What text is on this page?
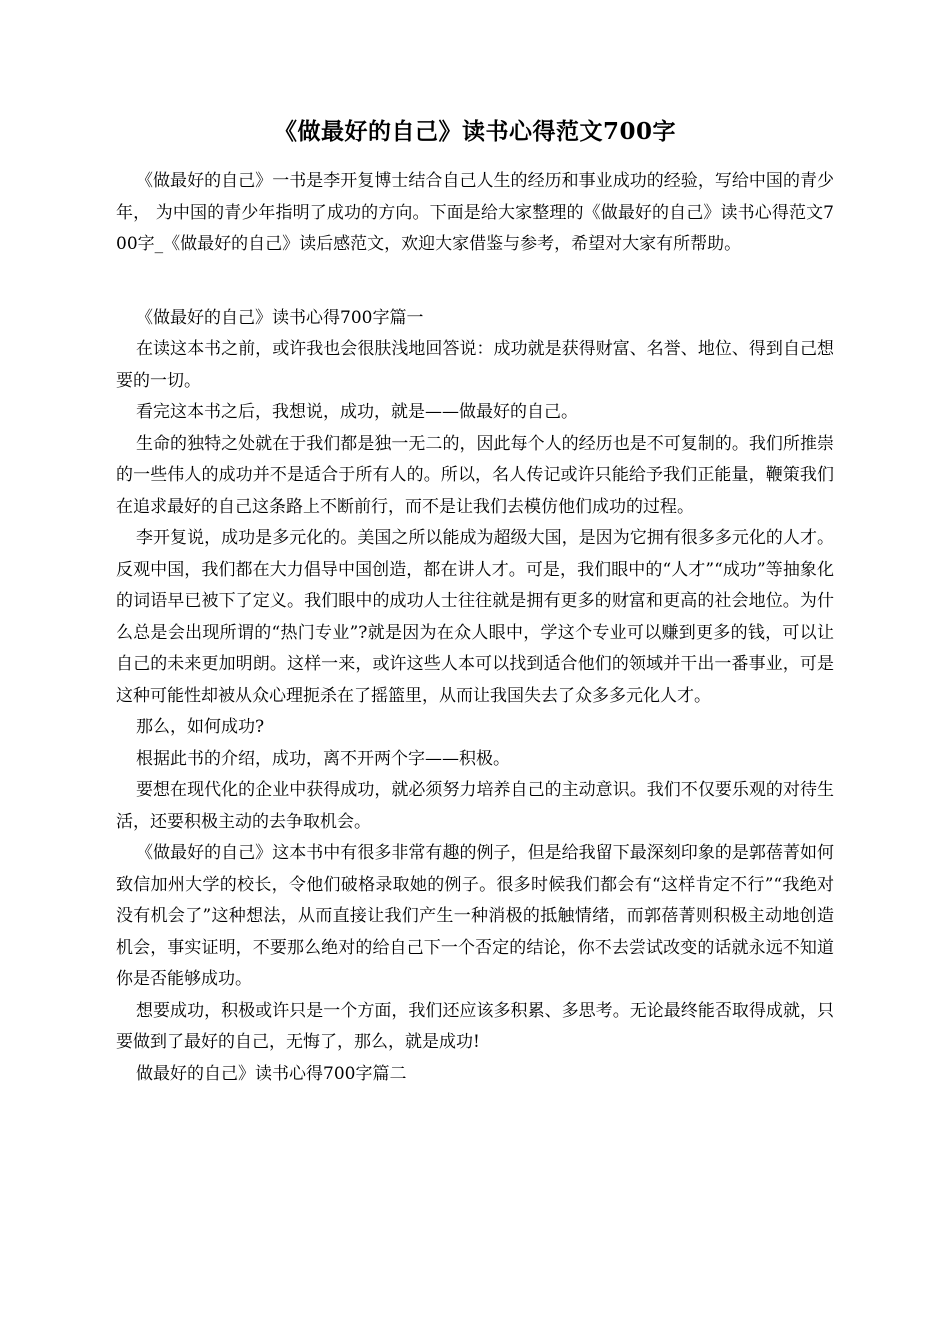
《做最好的自己》读书心得范文700字

《做最好的自己》一书是李开复博士结合自己人生的经历和事业成功的经验，写给中国的青少年， 为中国的青少年指明了成功的方向。下面是给大家整理的《做最好的自己》读书心得范文700字_《做最好的自己》读后感范文，欢迎大家借鉴与参考，希望对大家有所帮助。

《做最好的自己》读书心得700字篇一

在读这本书之前，或许我也会很肤浅地回答说：成功就是获得财富、名誉、地位、得到自己想要的一切。

看完这本书之后，我想说，成功，就是——做最好的自己。

生命的独特之处就在于我们都是独一无二的，因此每个人的经历也是不可复制的。我们所推崇的一些伟人的成功并不是适合于所有人的。所以，名人传记或许只能给予我们正能量，鞭策我们在追求最好的自己这条路上不断前行，而不是让我们去模仿他们成功的过程。

李开复说，成功是多元化的。美国之所以能成为超级大国，是因为它拥有很多多元化的人才。反观中国，我们都在大力倡导中国创造，都在讲人才。可是，我们眼中的“人才”“成功”等抽象化的词语早已被下了定义。我们眼中的成功人士往往就是拥有更多的财富和更高的社会地位。为什么总是会出现所谓的“热门专业”?就是因为在众人眼中，学这个专业可以赚到更多的钱，可以让自己的未来更加明朗。这样一来，或许这些人本可以找到适合他们的领域并干出一番事业，可是这种可能性却被从众心理扼杀在了摇篮里，从而让我国失去了众多多元化人才。

那么，如何成功?

根据此书的介绍，成功，离不开两个字——积极。

要想在现代化的企业中获得成功，就必须努力培养自己的主动意识。我们不仅要乐观的对待生活，还要积极主动的去争取机会。

《做最好的自己》这本书中有很多非常有趣的例子，但是给我留下最深刻印象的是郭蓓菁如何致信加州大学的校长，令他们破格录取她的例子。很多时候我们都会有“这样肯定不行”“我绝对没有机会了”这种想法，从而直接让我们产生一种消极的抵触情绪，而郭蓓菁则积极主动地创造机会，事实证明，不要那么绝对的给自己下一个否定的结论，你不去尝试改变的话就永远不知道你是否能够成功。

想要成功，积极或许只是一个方面，我们还应该多积累、多思考。无论最终能否取得成就，只要做到了最好的自己，无悔了，那么，就是成功!

做最好的自己》读书心得700字篇二
